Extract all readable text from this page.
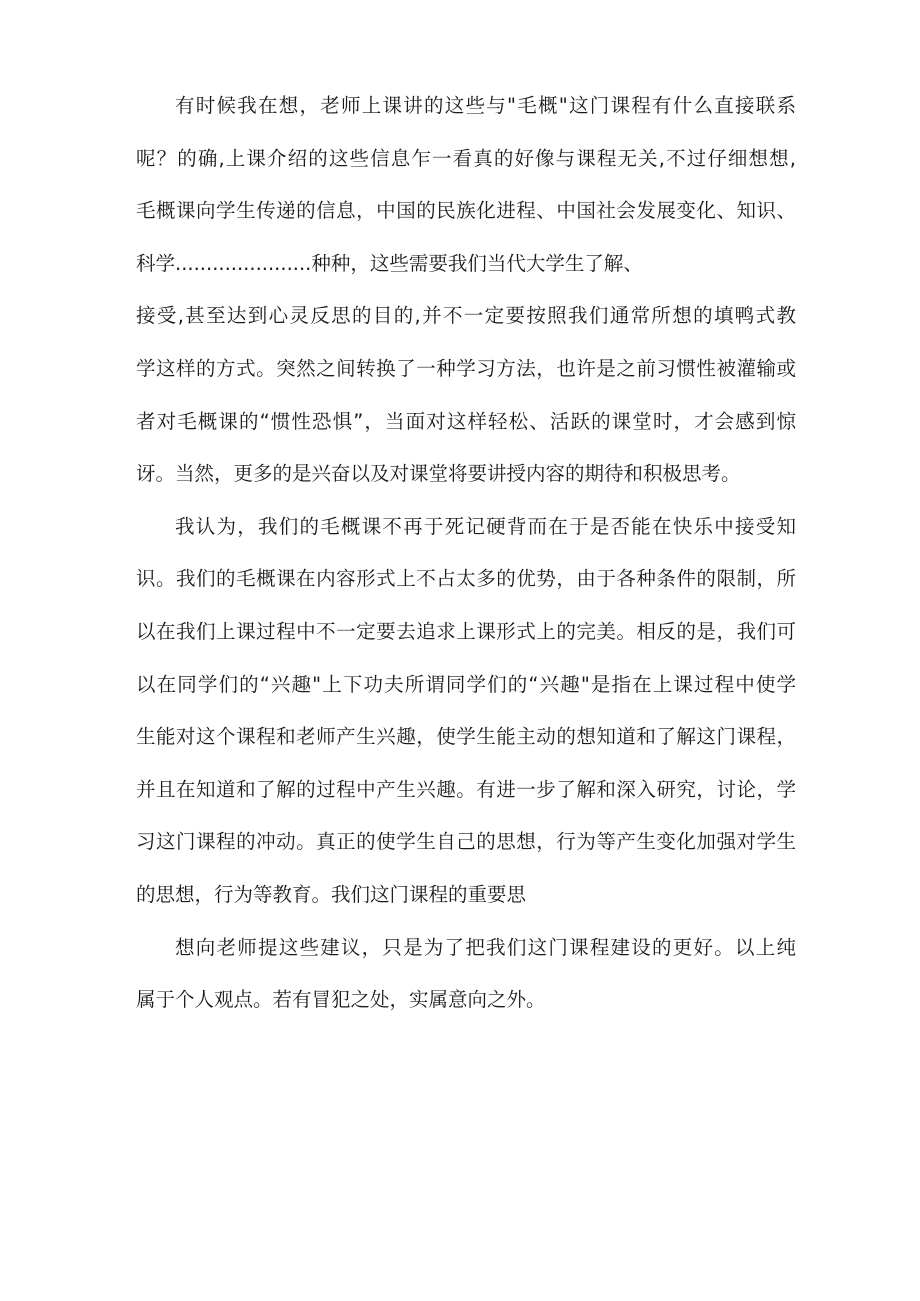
有时候我在想，老师上课讲的这些与"毛概"这门课程有什么直接联系
呢？的确,上课介绍的这些信息乍一看真的好像与课程无关,不过仔细想想,
毛概课向学生传递的信息，中国的民族化进程、中国社会发展变化、知识、
科学......................种种，这些需要我们当代大学生了解、
接受,甚至达到心灵反思的目的,并不一定要按照我们通常所想的填鸭式教
学这样的方式。突然之间转换了一种学习方法，也许是之前习惯性被灌输或
者对毛概课的“惯性恐惧”，当面对这样轻松、活跃的课堂时，才会感到惊
讶。当然，更多的是兴奋以及对课堂将要讲授内容的期待和积极思考。
我认为，我们的毛概课不再于死记硬背而在于是否能在快乐中接受知
识。我们的毛概课在内容形式上不占太多的优势，由于各种条件的限制，所
以在我们上课过程中不一定要去追求上课形式上的完美。相反的是，我们可
以在同学们的“兴趣"上下功夫所谓同学们的“兴趣"是指在上课过程中使学
生能对这个课程和老师产生兴趣，使学生能主动的想知道和了解这门课程，
并且在知道和了解的过程中产生兴趣。有进一步了解和深入研究，讨论，学
习这门课程的冲动。真正的使学生自己的思想，行为等产生变化加强对学生
的思想，行为等教育。我们这门课程的重要思
想向老师提这些建议，只是为了把我们这门课程建设的更好。以上纯
属于个人观点。若有冒犯之处，实属意向之外。
